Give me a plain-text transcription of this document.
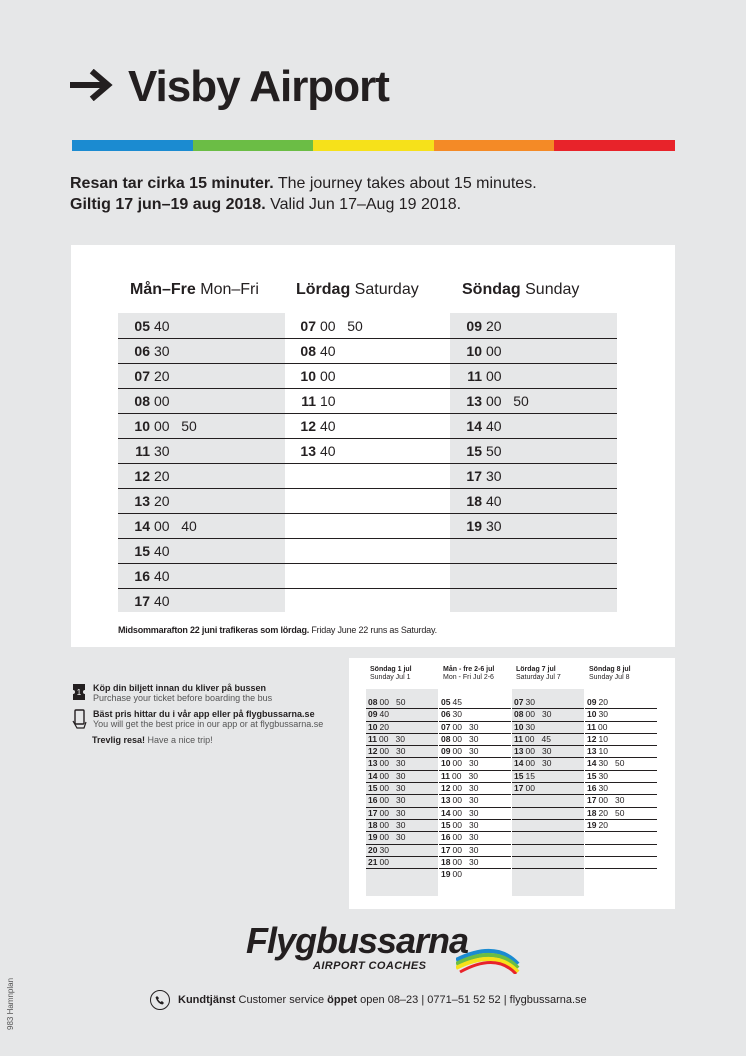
Visby Airport
Resan tar cirka 15 minuter. The journey takes about 15 minutes.
Giltig 17 jun–19 aug 2018. Valid Jun 17–Aug 19 2018.
Midsommarafton 22 juni trafikeras som lördag. Friday June 22 runs as Saturday.
Mån–Fre Mon–Fri
05 40
06 30
07 20
08 00
10 00   50
11 30
12 20
13 20
14 00   40
15 40
16 40
17 40
Lördag Saturday
07 00   50
08 40
10 00
11 10
12 40
13 40
Söndag Sunday
09 20
10 00
11 00
13 00   50
14 40
15 50
17 30
18 40
19 30
1 Köp din biljett innan du kliver på bussen
Purchase your ticket before boarding the bus
Bäst pris hittar du i vår app eller på flygbussarna.se
You will get the best price in our app or at flygbussarna.se
Trevlig resa! Have a nice trip!
Söndag 1 jul
Sunday Jul 1
08 00   50
09 40
10 20
11 00   30
12 00   30
13 00   30
14 00   30
15 00   30
16 00   30
17 00   30
18 00   30
19 00   30
20 30
21 00
Mån - fre 2-6 jul
Mon - Fri Jul 2-6
05 45
06 30
07 00   30
08 00   30
09 00   30
10 00   30
11 00   30
12 00   30
13 00   30
14 00   30
15 00   30
16 00   30
17 00   30
18 00   30
19 00
Lördag 7 jul
Saturday Jul 7
07 30
08 00   30
10 30
11 00   45
13 00   30
14 00   30
15 15
17 00
Söndag 8 jul
Sunday Jul 8
09 20
10 30
11 00
12 10
13 10
14 30   50
15 30
16 30
17 00   30
18 20   50
19 20
Flygbussarna
AIRPORT COACHES
Kundtjänst Customer service öppet open 08–23 | 0771–51 52 52 | flygbussarna.se
983 Hamnplan
